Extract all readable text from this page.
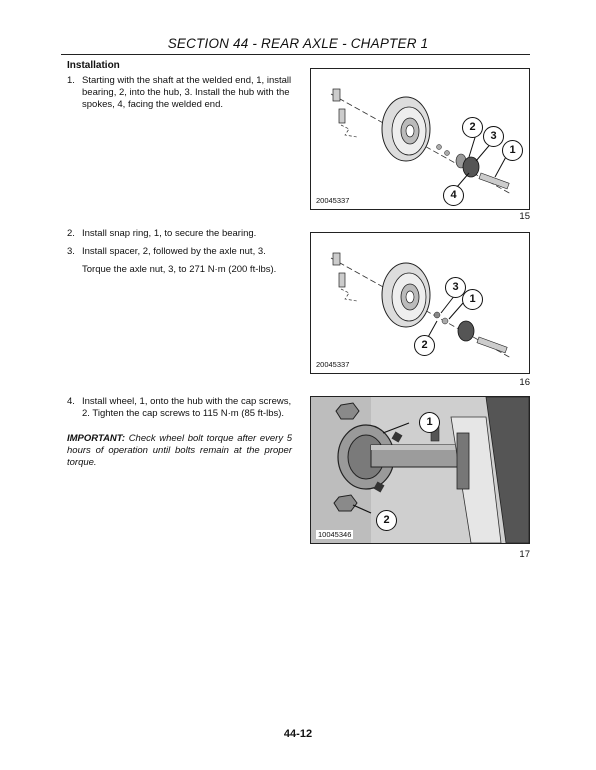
SECTION 44 - REAR AXLE - CHAPTER 1
Installation
1. Starting with the shaft at the welded end, 1, install bearing, 2, into the hub, 3. Install the hub with the spokes, 4, facing the welded end.
2. Install snap ring, 1, to secure the bearing.
3. Install spacer, 2, followed by the axle nut, 3.
Torque the axle nut, 3, to 271 N·m (200 ft-lbs).
4. Install wheel, 1, onto the hub with the cap screws, 2. Tighten the cap screws to 115 N·m (85 ft-lbs).
IMPORTANT: Check wheel bolt torque after every 5 hours of operation until bolts remain at the proper torque.
2
3
1
4
20045337
15
3
1
2
20045337
16
1
2
10045346
17
44-12
